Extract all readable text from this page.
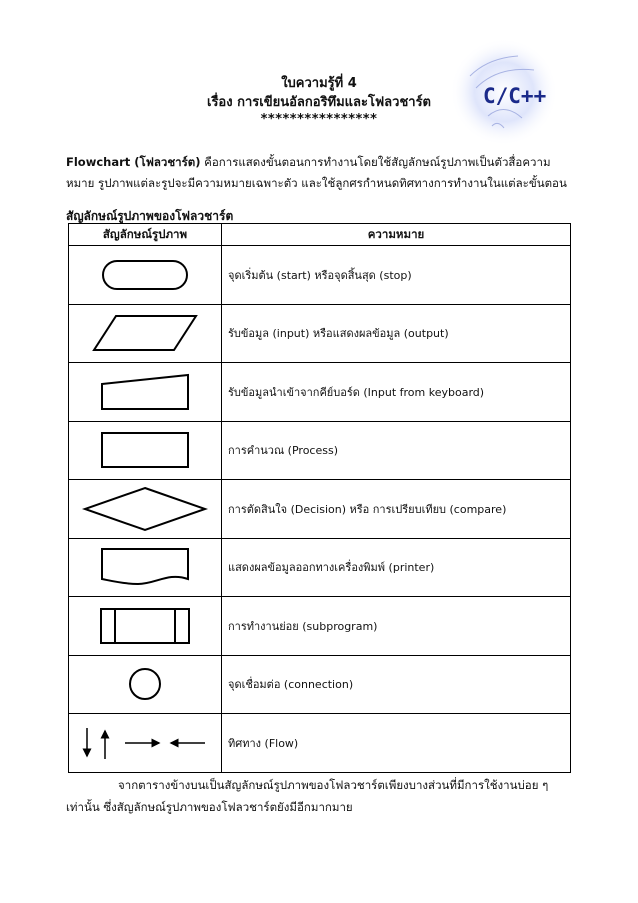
ใบความรู้ที่ 4
เรื่อง การเขียนอัลกอริทึมและโฟลวชาร์ต
****************
C/C++
Flowchart (โฟลวชาร์ต) คือการแสดงขั้นตอนการทำงานโดยใช้สัญลักษณ์รูปภาพเป็นตัวสื่อความหมาย รูปภาพแต่ละรูปจะมีความหมายเฉพาะตัว และใช้ลูกศรกำหนดทิศทางการทำงานในแต่ละขั้นตอน
สัญลักษณ์รูปภาพของโฟลวชาร์ต
สัญลักษณ์รูปภาพ	ความหมาย

	จุดเริ่มต้น (start) หรือจุดสิ้นสุด (stop)

	รับข้อมูล (input) หรือแสดงผลข้อมูล (output)

	รับข้อมูลนำเข้าจากคีย์บอร์ด (Input from keyboard)

	การคำนวณ (Process)

	การตัดสินใจ (Decision) หรือ การเปรียบเทียบ (compare)

	แสดงผลข้อมูลออกทางเครื่องพิมพ์ (printer)

	การทำงานย่อย (subprogram)

	จุดเชื่อมต่อ (connection)

	ทิศทาง (Flow)
จากตารางข้างบนเป็นสัญลักษณ์รูปภาพของโฟลวชาร์ตเพียงบางส่วนที่มีการใช้งานบ่อย ๆ เท่านั้น ซึ่งสัญลักษณ์รูปภาพของโฟลวชาร์ตยังมีอีกมากมาย
